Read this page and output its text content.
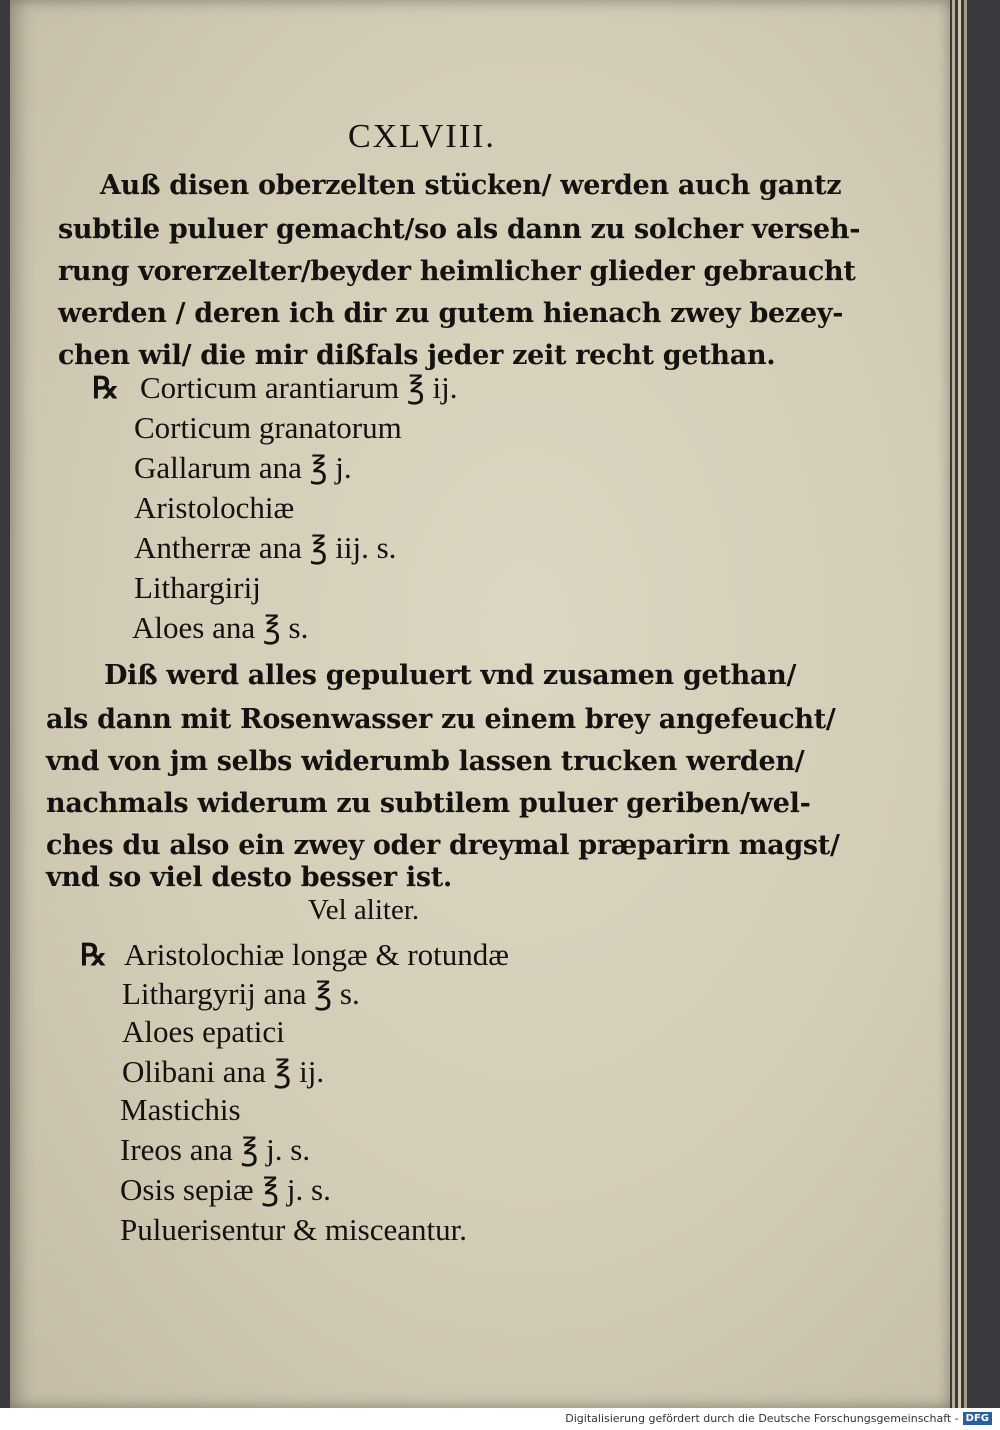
CXLVIII.
Auß disen oberzelten stücken/ werden auch gantz
subtile puluer gemacht/so als dann zu solcher verseh-
rung vorerzelter/beyder heimlicher glieder gebraucht
werden / deren ich dir zu gutem hienach zwey bezey-
chen wil/ die mir dißfals jeder zeit recht gethan.
℞ Corticum arantiarum ℥ ij.
Corticum granatorum
Gallarum ana ℥ j.
Aristolochiæ
Antherræ ana ℥ iij. s.
Lithargirij
Aloes ana ℥ s.
Diß werd alles gepuluert vnd zusamen gethan/
als dann mit Rosenwasser zu einem brey angefeucht/
vnd von jm selbs widerumb lassen trucken werden/
nachmals widerum zu subtilem puluer geriben/wel-
ches du also ein zwey oder dreymal præparirn magst/
vnd so viel desto besser ist.
Vel aliter.
℞ Aristolochiæ longæ & rotundæ
Lithargyrij ana ℥ s.
Aloes epatici
Olibani ana ℥ ij.
Mastichis
Ireos ana ℥ j. s.
Osis sepiæ ℥ j. s.
Puluerisentur & misceantur.
Digitalisierung gefördert durch die Deutsche Forschungsgemeinschaft - DFG
